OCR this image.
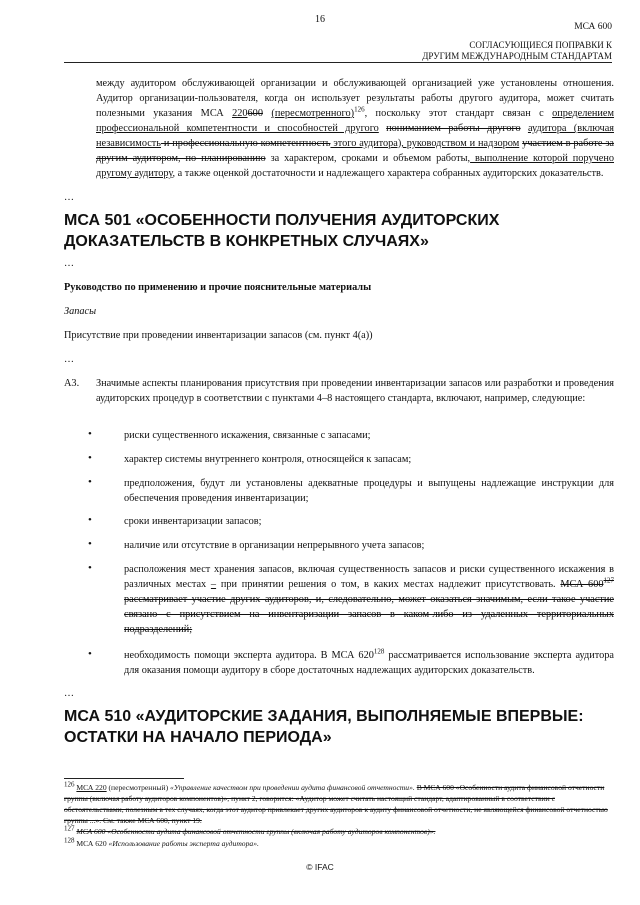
16
МСА 600
СОГЛАСУЮЩИЕСЯ ПОПРАВКИ К
ДРУГИМ МЕЖДУНАРОДНЫМ СТАНДАРТАМ
между аудитором обслуживающей организации и обслуживающей организацией уже установлены отношения. Аудитор организации-пользователя, когда он использует результаты работы другого аудитора, может считать полезными указания МСА 220600 (пересмотренного)$^{126}$, поскольку этот стандарт связан с определением профессиональной компетентности и способностей другого пониманием работы другого аудитора (включая независимость и профессиональную компетентность этого аудитора), руководством и надзором участием в работе за другим аудитором, по планированию за характером, сроками и объемом работы, выполнение которой поручено другому аудитору, а также оценкой достаточности и надлежащего характера собранных аудиторских доказательств.
…
МСА 501 «ОСОБЕННОСТИ ПОЛУЧЕНИЯ АУДИТОРСКИХ ДОКАЗАТЕЛЬСТВ В КОНКРЕТНЫХ СЛУЧАЯХ»
…
Руководство по применению и прочие пояснительные материалы
Запасы
Присутствие при проведении инвентаризации запасов (см. пункт 4(а))
…
А3. Значимые аспекты планирования присутствия при проведении инвентаризации запасов или разработки и проведения аудиторских процедур в соответствии с пунктами 4–8 настоящего стандарта, включают, например, следующие:
•	риски существенного искажения, связанные с запасами;
•	характер системы внутреннего контроля, относящейся к запасам;
•	предположения, будут ли установлены адекватные процедуры и выпущены надлежащие инструкции для обеспечения проведения инвентаризации;
•	сроки инвентаризации запасов;
•	наличие или отсутствие в организации непрерывного учета запасов;
•	расположения мест хранения запасов, включая существенность запасов и риски существенного искажения в различных местах – при принятии решения о том, в каких местах надлежит присутствовать. МСА $600^{127}$ рассматривает участие других аудиторов, и, следовательно, может оказаться значимым, если такое участие связано с присутствием на инвентаризации запасов в каком-либо из удаленных территориальных подразделений;
•	необходимость помощи эксперта аудитора. В МСА $620^{128}$ рассматривается использование эксперта аудитора для оказания помощи аудитору в сборе достаточных надлежащих аудиторских доказательств.
…
МСА 510 «АУДИТОРСКИЕ ЗАДАНИЯ, ВЫПОЛНЯЕМЫЕ ВПЕРВЫЕ: ОСТАТКИ НА НАЧАЛО ПЕРИОДА»
$^{126}$ МСА 220 (пересмотренный) «Управление качеством при проведении аудита финансовой отчетности». В МСА 600 «Особенности аудита финансовой отчетности группы (включая работу аудиторов компонентов)», пункт 2, говорится: «Аудитор может считать настоящий стандарт, адаптированный в соответствии с обстоятельствами, полезным в тех случаях, когда этот аудитор привлекает других аудиторов к аудиту финансовой отчетности, не являющейся финансовой отчетностью группы ...». См. также МСА 600, пункт 19.
$^{127}$ МСА 600 «Особенности аудита финансовой отчетности группы (включая работу аудиторов компонентов)».
$^{128}$ МСА 620 «Использование работы эксперта аудитора».
© IFAC
